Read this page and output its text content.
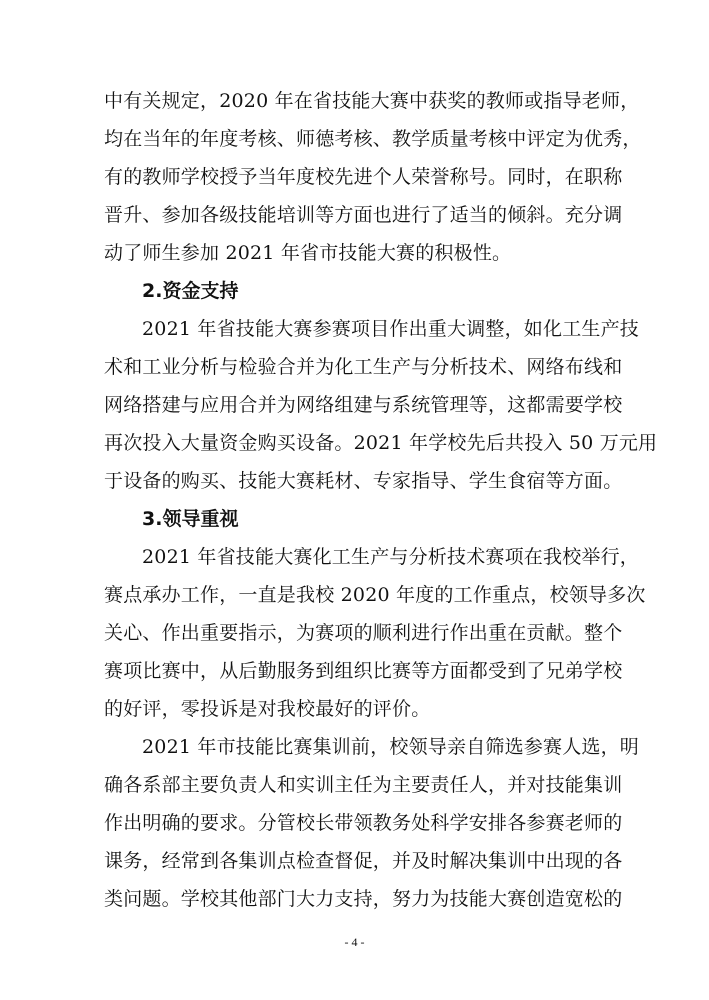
中有关规定，2020 年在省技能大赛中获奖的教师或指导老师，
均在当年的年度考核、师德考核、教学质量考核中评定为优秀，
有的教师学校授予当年度校先进个人荣誉称号。同时，在职称
晋升、参加各级技能培训等方面也进行了适当的倾斜。充分调
动了师生参加 2021 年省市技能大赛的积极性。
2.资金支持
2021 年省技能大赛参赛项目作出重大调整，如化工生产技
术和工业分析与检验合并为化工生产与分析技术、网络布线和
网络搭建与应用合并为网络组建与系统管理等，这都需要学校
再次投入大量资金购买设备。2021 年学校先后共投入 50 万元用
于设备的购买、技能大赛耗材、专家指导、学生食宿等方面。
3.领导重视
2021 年省技能大赛化工生产与分析技术赛项在我校举行，
赛点承办工作，一直是我校 2020 年度的工作重点，校领导多次
关心、作出重要指示，为赛项的顺利进行作出重在贡献。整个
赛项比赛中，从后勤服务到组织比赛等方面都受到了兄弟学校
的好评，零投诉是对我校最好的评价。
2021 年市技能比赛集训前，校领导亲自筛选参赛人选，明
确各系部主要负责人和实训主任为主要责任人，并对技能集训
作出明确的要求。分管校长带领教务处科学安排各参赛老师的
课务，经常到各集训点检查督促，并及时解决集训中出现的各
类问题。学校其他部门大力支持，努力为技能大赛创造宽松的
- 4 -
